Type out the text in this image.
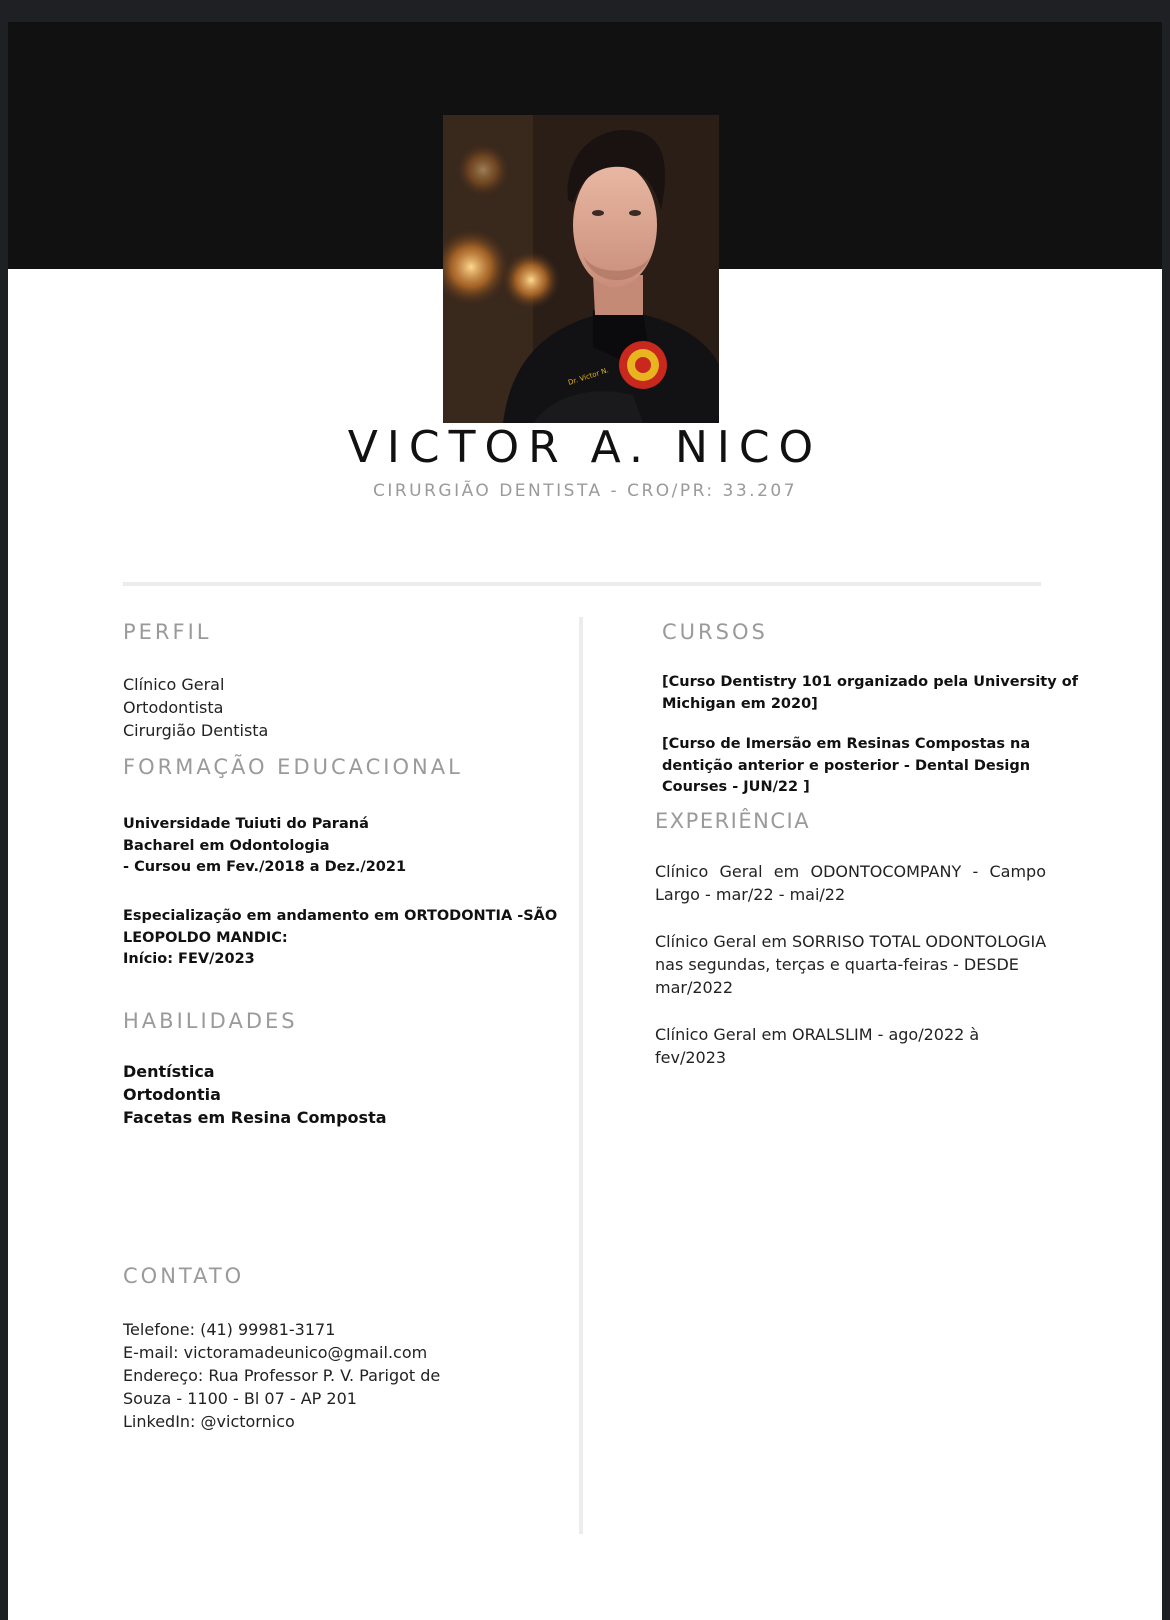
Dr. Victor N.
VICTOR A. NICO
CIRURGIÃO DENTISTA - CRO/PR: 33.207
PERFIL
Clínico Geral
Ortodontista
Cirurgião Dentista
FORMAÇÃO EDUCACIONAL
Universidade Tuiuti do Paraná
Bacharel em Odontologia
- Cursou em Fev./2018 a Dez./2021
Especialização em andamento em ORTODONTIA -SÃO
LEOPOLDO MANDIC:
Início: FEV/2023
HABILIDADES
Dentística
Ortodontia
Facetas em Resina Composta
CONTATO
Telefone: (41) 99981-3171
E-mail: victoramadeunico@gmail.com
Endereço: Rua Professor P. V. Parigot de
Souza - 1100 - Bl 07 - AP 201
LinkedIn: @victornico
CURSOS
[Curso Dentistry 101 organizado pela University of
Michigan em 2020]
[Curso de Imersão em Resinas Compostas na
dentição anterior e posterior - Dental Design
Courses - JUN/22 ]
EXPERIÊNCIA
Clínico Geral em ODONTOCOMPANY - Campo Largo - mar/22 - mai/22
Clínico Geral em SORRISO TOTAL ODONTOLOGIA nas segundas, terças e quarta-feiras - DESDE mar/2022
Clínico Geral em ORALSLIM - ago/2022 à fev/2023
